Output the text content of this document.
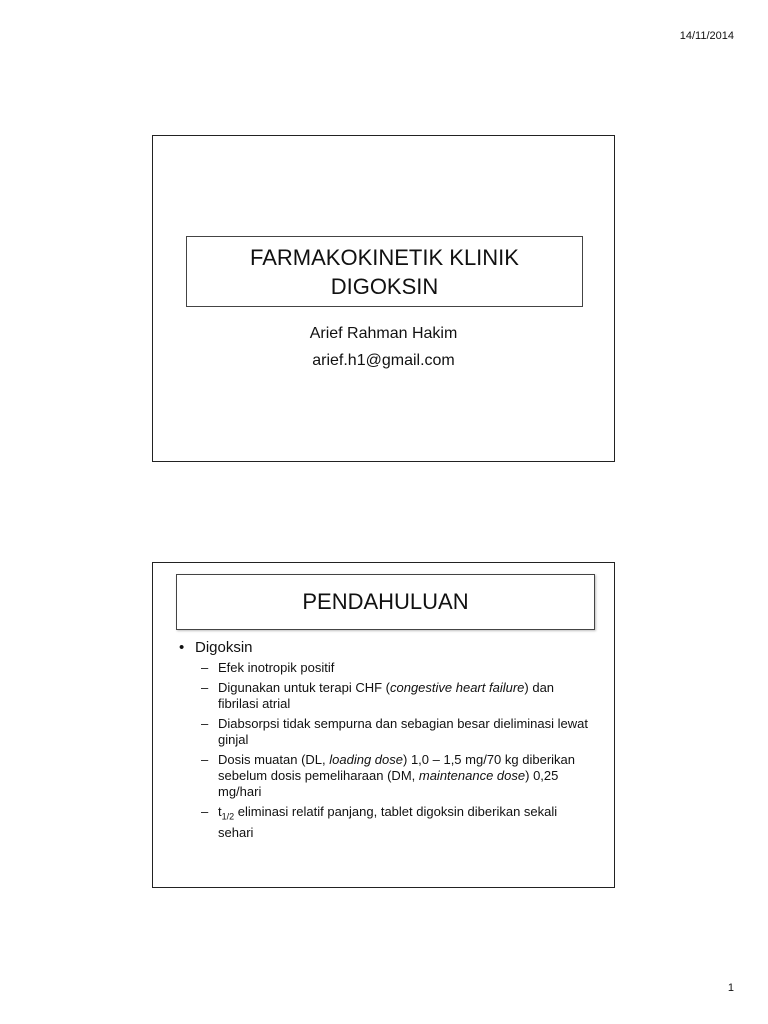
14/11/2014
FARMAKOKINETIK KLINIK
DIGOKSIN
Arief Rahman Hakim
arief.h1@gmail.com
PENDAHULUAN
• Digoksin
– Efek inotropik positif
– Digunakan untuk terapi CHF (congestive heart failure) dan fibrilasi atrial
– Diabsorpsi tidak sempurna dan sebagian besar dieliminasi lewat ginjal
– Dosis muatan (DL, loading dose) 1,0 – 1,5 mg/70 kg diberikan sebelum dosis pemeliharaan (DM, maintenance dose) 0,25 mg/hari
– $t_{1/2}$ eliminasi relatif panjang, tablet digoksin diberikan sekali sehari
1
